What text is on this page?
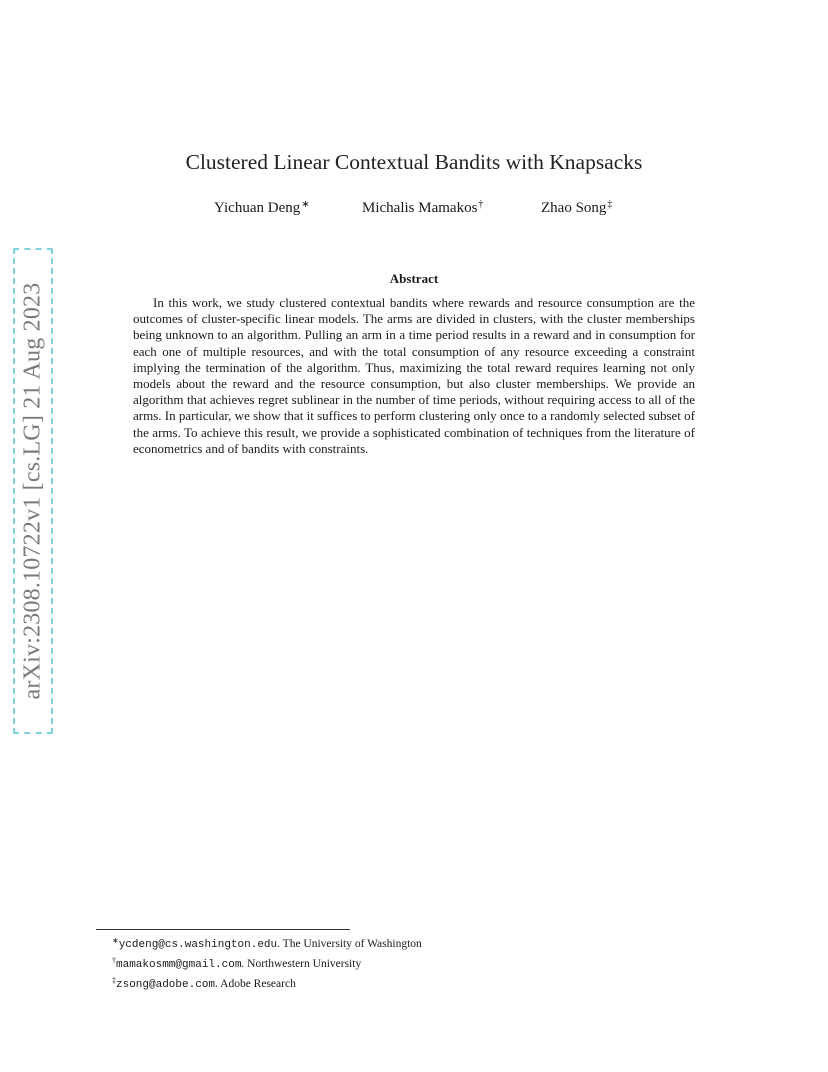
arXiv:2308.10722v1 [cs.LG] 21 Aug 2023
Clustered Linear Contextual Bandits with Knapsacks
Yichuan Deng∗	Michalis Mamakos†	Zhao Song‡
Abstract

In this work, we study clustered contextual bandits where rewards and resource consumption are the outcomes of cluster-specific linear models. The arms are divided in clusters, with the cluster memberships being unknown to an algorithm. Pulling an arm in a time period results in a reward and in consumption for each one of multiple resources, and with the total consumption of any resource exceeding a constraint implying the termination of the algorithm. Thus, maximizing the total reward requires learning not only models about the reward and the resource consumption, but also cluster memberships. We provide an algorithm that achieves regret sublinear in the number of time periods, without requiring access to all of the arms. In particular, we show that it suffices to perform clustering only once to a randomly selected subset of the arms. To achieve this result, we provide a sophisticated combination of techniques from the literature of econometrics and of bandits with constraints.

∗ycdeng@cs.washington.edu. The University of Washington
†mamakosmm@gmail.com. Northwestern University
‡zsong@adobe.com. Adobe Research
